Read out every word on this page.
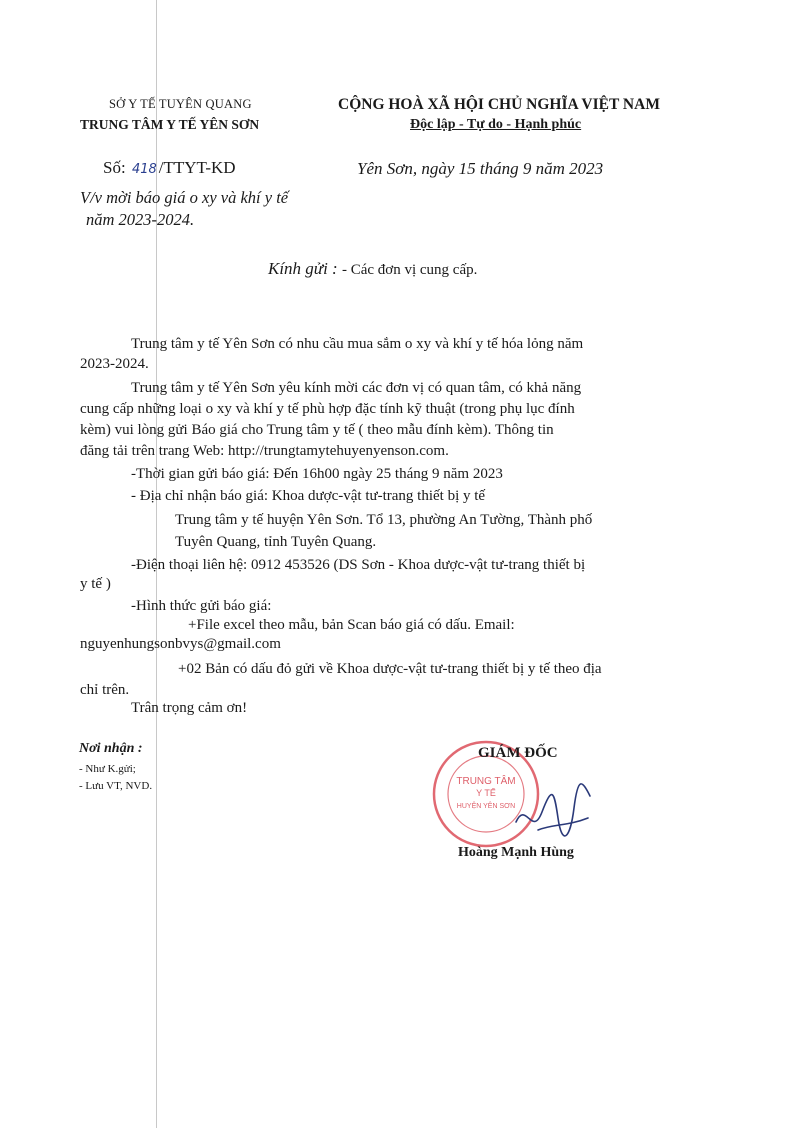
SỞ Y TẾ TUYÊN QUANG
TRUNG TÂM Y TẾ YÊN SƠN
CỘNG HOÀ XÃ HỘI CHỦ NGHĨA VIỆT NAM
Độc lập - Tự do - Hạnh phúc
Số: 418 /TTYT-KD	Yên Sơn, ngày 15 tháng 9 năm 2023
V/v mời báo giá o xy và khí y tế
năm 2023-2024.
Kính gửi : - Các đơn vị cung cấp.
Trung tâm y tế Yên Sơn có nhu cầu mua sắm o xy và khí y tế hóa lỏng năm
2023-2024.
Trung tâm y tế Yên Sơn yêu kính mời các đơn vị có quan tâm, có khả năng
cung cấp những loại o xy và khí y tế phù hợp đặc tính kỹ thuật (trong phụ lục đính
kèm) vui lòng gửi Báo giá cho Trung tâm y tế ( theo mẫu đính kèm). Thông tin
đăng tải trên trang Web: http://trungtamytehuyenyenson.com.
-Thời gian gửi báo giá: Đến 16h00 ngày 25 tháng 9 năm 2023
- Địa chỉ nhận báo giá: Khoa dược-vật tư-trang thiết bị y tế
Trung tâm y tế huyện Yên Sơn. Tổ 13, phường An Tường, Thành phố
Tuyên Quang, tỉnh Tuyên Quang.
-Điện thoại liên hệ: 0912 453526 (DS Sơn - Khoa dược-vật tư-trang thiết bị
y tế )
-Hình thức gửi báo giá:
+File excel theo mẫu, bản Scan báo giá có dấu. Email:
nguyenhungsonbvys@gmail.com
+02 Bản có dấu đỏ gửi về Khoa dược-vật tư-trang thiết bị y tế theo địa
chỉ trên.
Trân trọng cảm ơn!
Nơi nhận :
- Như K.gửi;
- Lưu VT, NVD.	TRUNG TÂM
Y TẾ
HUYỆN YÊN SƠN
GIÁM ĐỐC
Hoàng Mạnh Hùng
